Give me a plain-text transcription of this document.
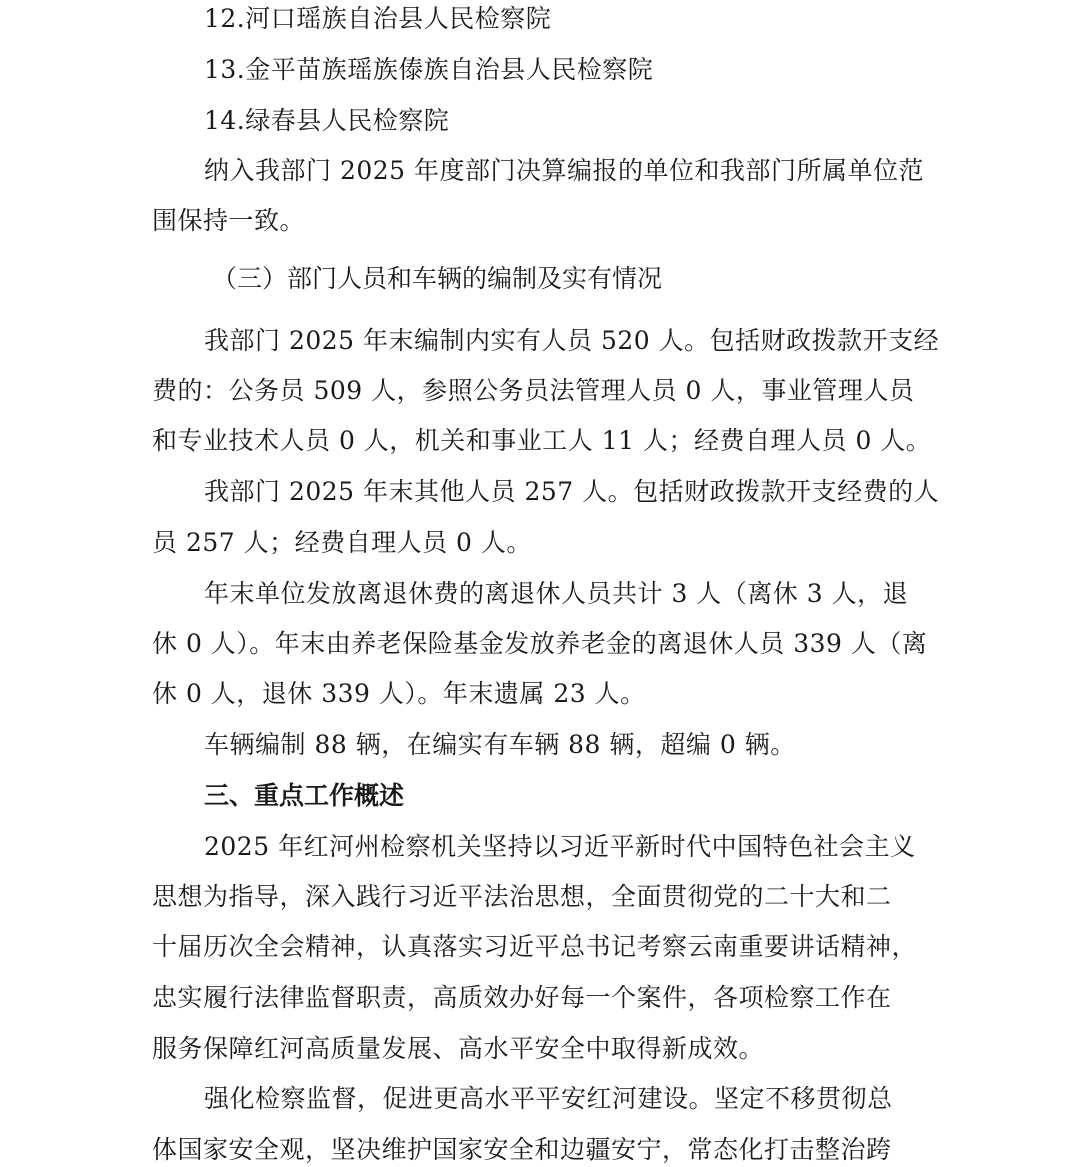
12.河口瑶族自治县人民检察院
13.金平苗族瑶族傣族自治县人民检察院
14.绿春县人民检察院
纳入我部门 2025 年度部门决算编报的单位和我部门所属单位范
围保持一致。
（三）部门人员和车辆的编制及实有情况
我部门 2025 年末编制内实有人员 520 人。包括财政拨款开支经
费的：公务员 509 人，参照公务员法管理人员 0 人，事业管理人员
和专业技术人员 0 人，机关和事业工人 11 人；经费自理人员 0 人。
我部门 2025 年末其他人员 257 人。包括财政拨款开支经费的人
员 257 人；经费自理人员 0 人。
年末单位发放离退休费的离退休人员共计 3 人（离休 3 人，退
休 0 人）。年末由养老保险基金发放养老金的离退休人员 339 人（离
休 0 人，退休 339 人）。年末遗属 23 人。
车辆编制 88 辆，在编实有车辆 88 辆，超编 0 辆。
三、重点工作概述
2025 年红河州检察机关坚持以习近平新时代中国特色社会主义
思想为指导，深入践行习近平法治思想，全面贯彻党的二十大和二
十届历次全会精神，认真落实习近平总书记考察云南重要讲话精神，
忠实履行法律监督职责，高质效办好每一个案件，各项检察工作在
服务保障红河高质量发展、高水平安全中取得新成效。
强化检察监督，促进更高水平平安红河建设。坚定不移贯彻总
体国家安全观，坚决维护国家安全和边疆安宁，常态化打击整治跨
